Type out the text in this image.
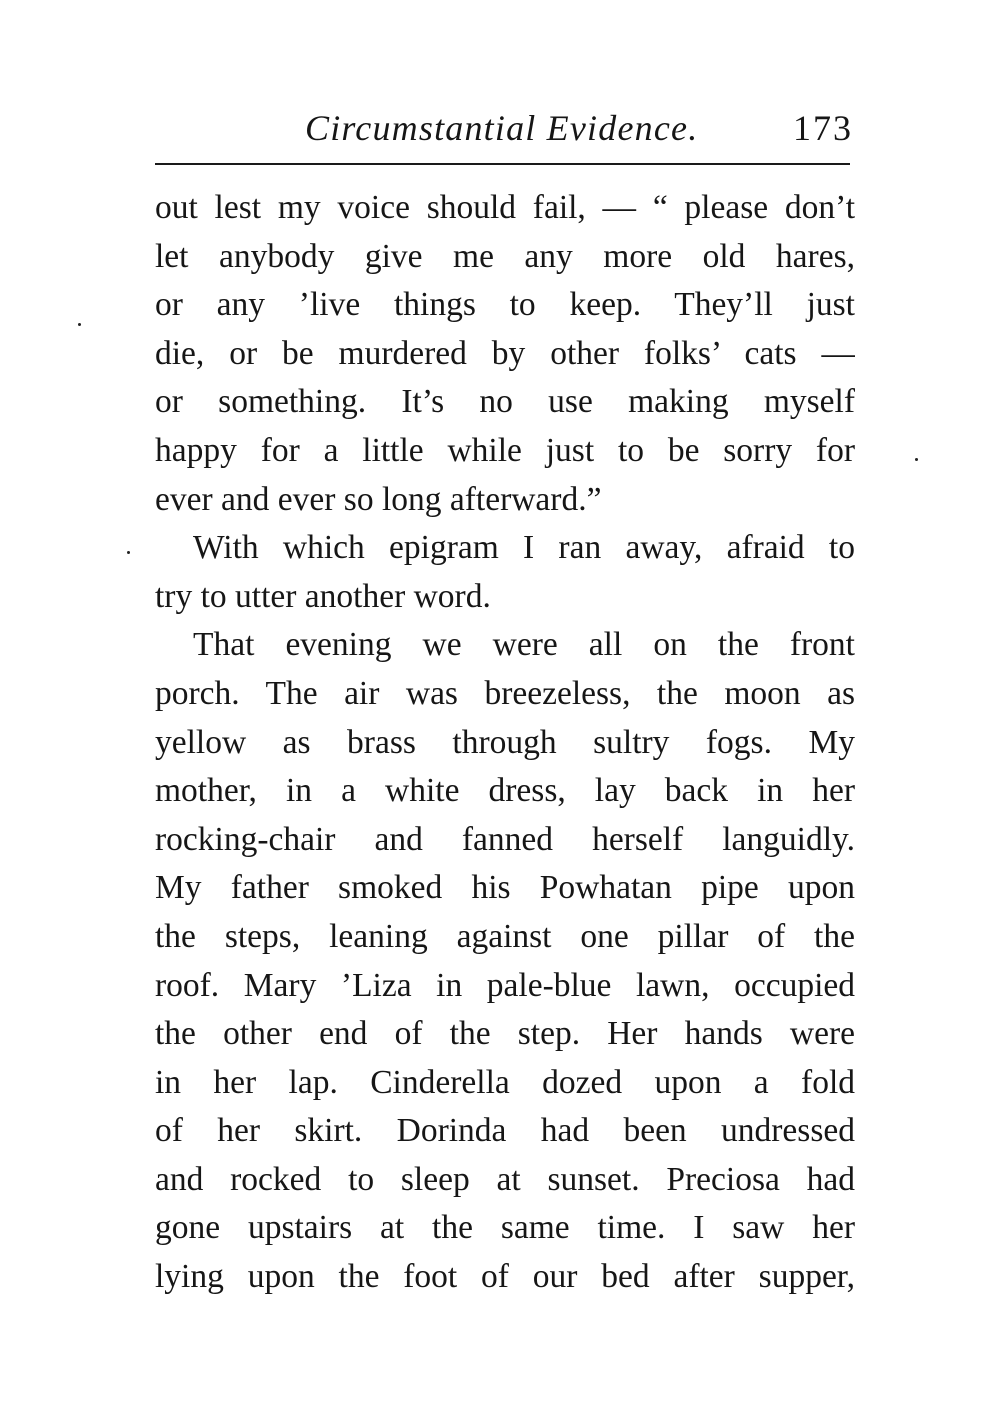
Circumstantial Evidence.	173
out lest my voice should fail, — “ please don’t
let anybody give me any more old hares,
or any ’live things to keep. They’ll just
die, or be murdered by other folks’ cats —
or something. It’s no use making myself
happy for a little while just to be sorry for
ever and ever so long afterward.”
With which epigram I ran away, afraid to
try to utter another word.
That evening we were all on the front
porch. The air was breezeless, the moon as
yellow as brass through sultry fogs. My
mother, in a white dress, lay back in her
rocking-chair and fanned herself languidly.
My father smoked his Powhatan pipe upon
the steps, leaning against one pillar of the
roof. Mary ’Liza in pale-blue lawn, occupied
the other end of the step. Her hands were
in her lap. Cinderella dozed upon a fold
of her skirt. Dorinda had been undressed
and rocked to sleep at sunset. Preciosa had
gone upstairs at the same time. I saw her
lying upon the foot of our bed after supper,
